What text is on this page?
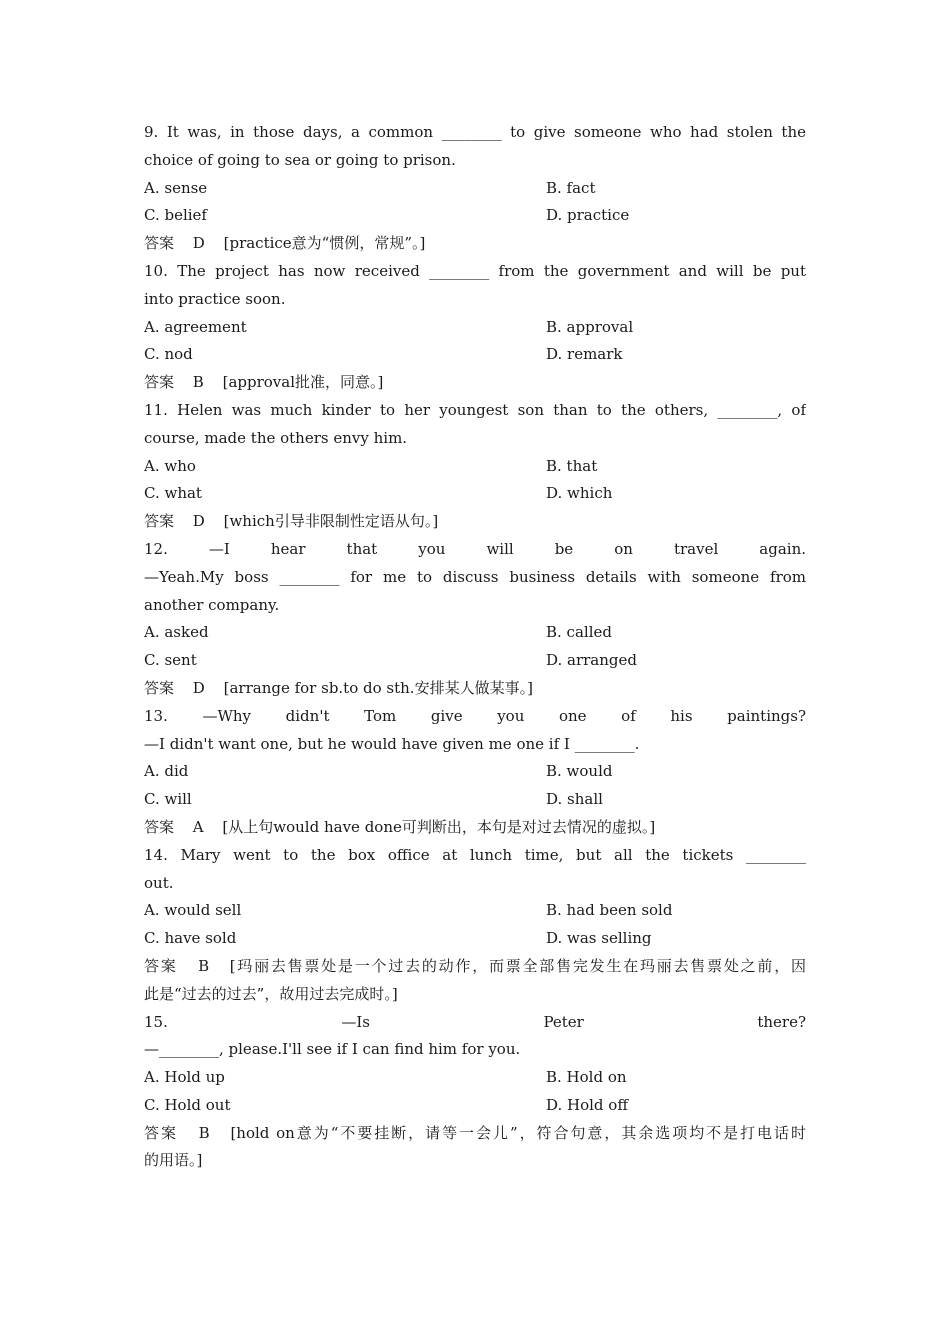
9. It was, in those days, a common ________ to give someone who had stolen the
choice of going to sea or going to prison.
A. sense	B. fact
C. belief	D. practice
答案 D [practice意为“惯例，常规”。]
10. The project has now received ________ from the government and will be put
into practice soon.
A. agreement	B. approval
C. nod	D. remark
答案 B [approval批准，同意。]
11. Helen was much kinder to her youngest son than to the others, ________, of
course, made the others envy him.
A. who	B. that
C. what	D. which
答案 D [which引导非限制性定语从句。]
12. —I hear that you will be on travel again.
—Yeah.My boss ________ for me to discuss business details with someone from
another company.
A. asked	B. called
C. sent	D. arranged
答案 D [arrange for sb.to do sth.安排某人做某事。]
13. —Why didn't Tom give you one of his paintings?
—I didn't want one, but he would have given me one if I ________.
A. did	B. would
C. will	D. shall
答案 A [从上句would have done可判断出，本句是对过去情况的虚拟。]
14. Mary went to the box office at lunch time, but all the tickets ________
out.
A. would sell	B. had been sold
C. have sold	D. was selling
答案 B [玛丽去售票处是一个过去的动作，而票全部售完发生在玛丽去售票处之前，因
此是“过去的过去”，故用过去完成时。]
15. —Is Peter there?
—________, please.I'll see if I can find him for you.
A. Hold up	B. Hold on
C. Hold out	D. Hold off
答案 B [hold on意为“不要挂断，请等一会儿”，符合句意，其余选项均不是打电话时
的用语。]
